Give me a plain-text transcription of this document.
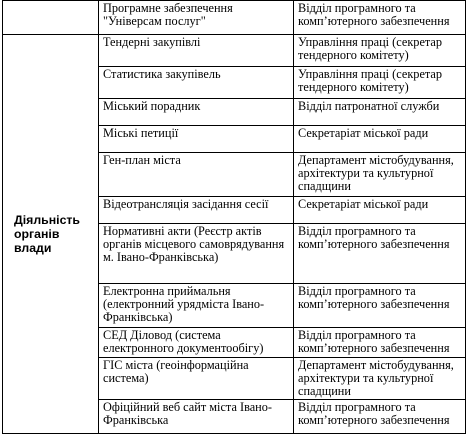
	Програмне забезпечення "Універсам послуг"	Відділ програмного та комп’ютерного забезпечення
Діяльність органів влади	Тендерні закупівлі	Управління праці (секретар тендерного комітету)
	Статистика закупівель	Управління праці (секретар тендерного комітету)
	Міський порадник	Відділ патронатної служби
	Міські петиції	Секретаріат міської ради
	Ген-план міста	Департамент містобудування, архітектури та культурної спадщини
	Відеотрансляція засідання сесії	Секретаріат міської ради
	Нормативні акти (Реєстр актів органів місцевого самоврядування м. Івано-Франківська)	Відділ програмного та комп’ютерного забезпечення
	Електронна приймальня (електронний урядміста Івано-Франківська)	Відділ програмного та комп’ютерного забезпечення
	СЕД Діловод (система електронного документообігу)	Відділ програмного та комп’ютерного забезпечення
	ГІС міста (геоінформаційна система)	Департамент містобудування, архітектури та культурної спадщини
	Офіційний веб сайт міста Івано-Франківська	Відділ програмного та комп’ютерного забезпечення
